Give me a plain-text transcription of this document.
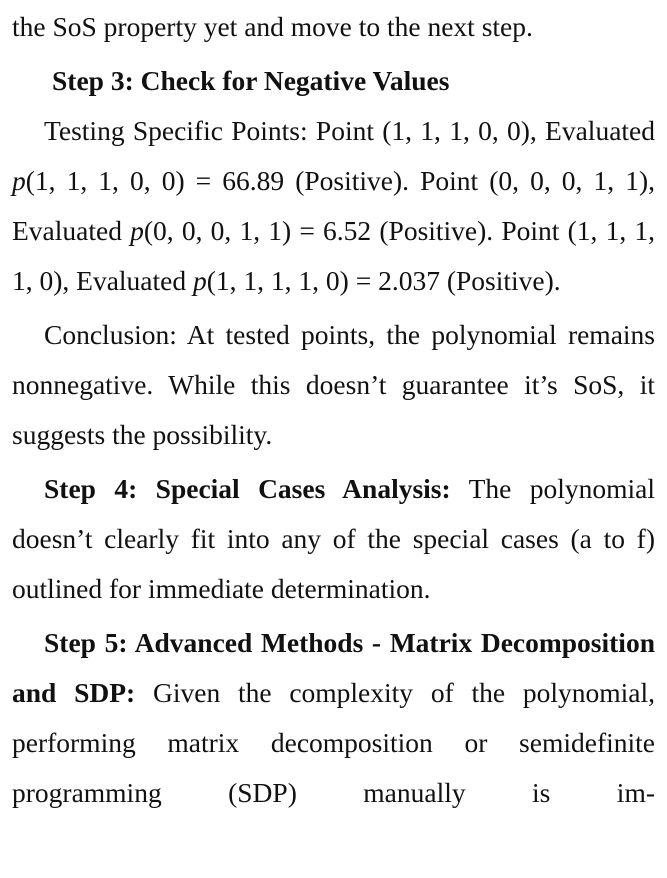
the SoS property yet and move to the next step.

Step 3: Check for Negative Values

Testing Specific Points: Point (1, 1, 1, 0, 0), Evaluated p(1, 1, 1, 0, 0) = 66.89 (Positive). Point (0, 0, 0, 1, 1), Evaluated p(0, 0, 0, 1, 1) = 6.52 (Positive). Point (1, 1, 1, 1, 0), Evaluated p(1, 1, 1, 1, 0) = 2.037 (Positive).

Conclusion: At tested points, the polynomial remains nonnegative. While this doesn’t guarantee it’s SoS, it suggests the possibility.

Step 4: Special Cases Analysis: The polynomial doesn’t clearly fit into any of the special cases (a to f) outlined for immediate determination.

Step 5: Advanced Methods - Matrix Decomposition and SDP: Given the complexity of the polynomial, performing matrix decomposition or semidefinite programming (SDP) manually is im-
